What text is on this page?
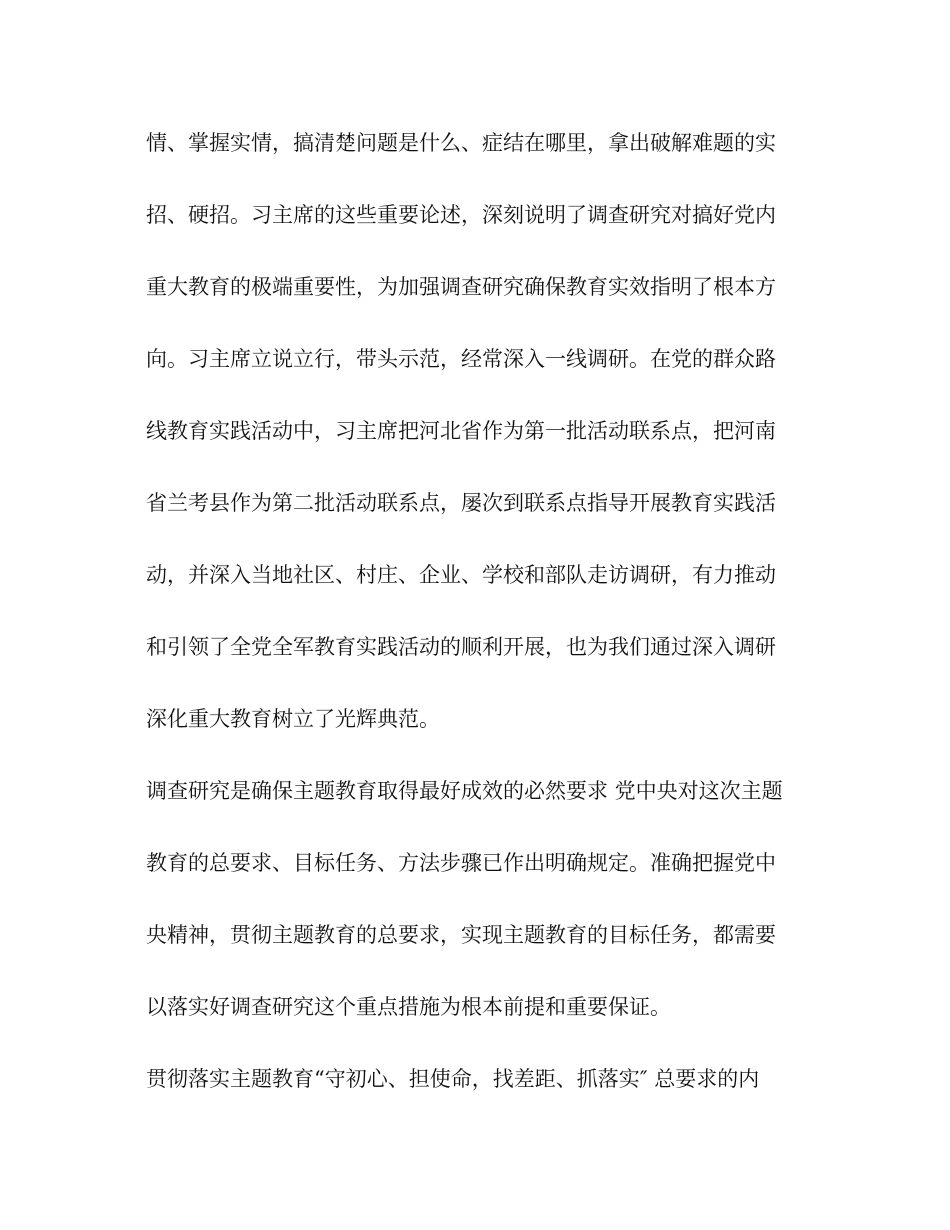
情、掌握实情，搞清楚问题是什么、症结在哪里，拿出破解难题的实
招、硬招。习主席的这些重要论述，深刻说明了调查研究对搞好党内
重大教育的极端重要性，为加强调查研究确保教育实效指明了根本方
向。习主席立说立行，带头示范，经常深入一线调研。在党的群众路
线教育实践活动中，习主席把河北省作为第一批活动联系点，把河南
省兰考县作为第二批活动联系点，屡次到联系点指导开展教育实践活
动，并深入当地社区、村庄、企业、学校和部队走访调研，有力推动
和引领了全党全军教育实践活动的顺利开展，也为我们通过深入调研
深化重大教育树立了光辉典范。
调查研究是确保主题教育取得最好成效的必然要求 党中央对这次主题
教育的总要求、目标任务、方法步骤已作出明确规定。准确把握党中
央精神，贯彻主题教育的总要求，实现主题教育的目标任务，都需要
以落实好调查研究这个重点措施为根本前提和重要保证。
贯彻落实主题教育“守初心、担使命，找差距、抓落实″ 总要求的内
